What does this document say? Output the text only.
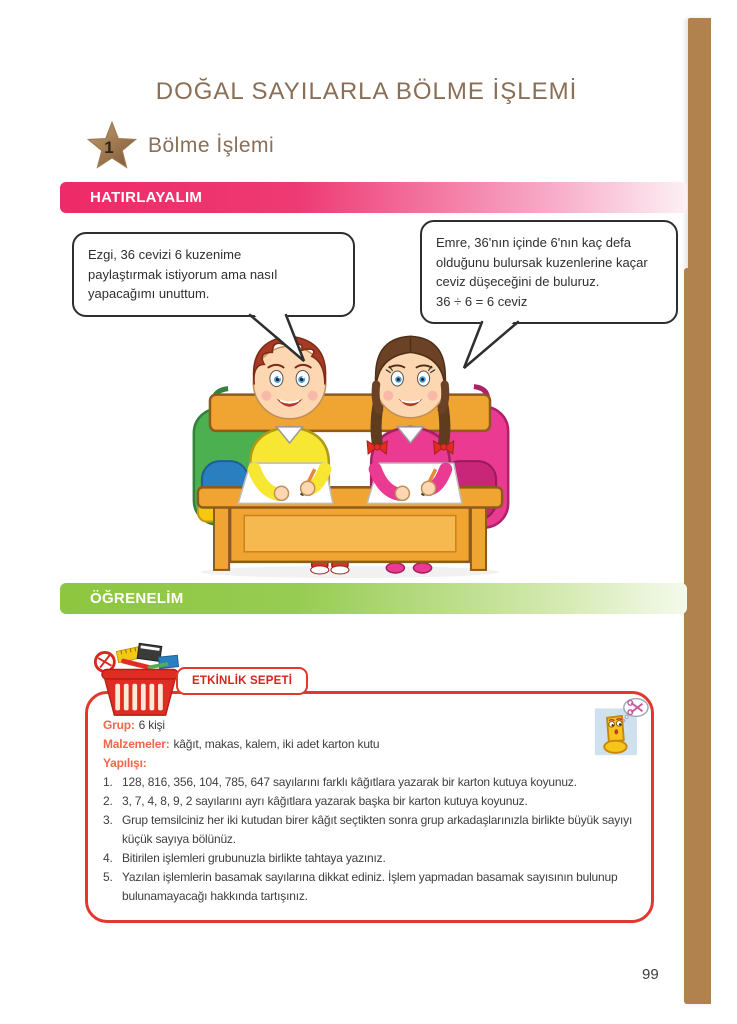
DOĞAL SAYILARLA BÖLME İŞLEMİ
1	Bölme İşlemi
HATIRLAYALIM
Ezgi, 36 cevizi 6 kuzenime
paylaştırmak istiyorum ama nasıl
yapacağımı unuttum.
Emre, 36'nın içinde 6'nın kaç defa
olduğunu bulursak kuzenlerine kaçar
ceviz düşeceğini de buluruz.
36 ÷ 6 = 6 ceviz
ÖĞRENELİM
ETKİNLİK SEPETİ

Grup: 6 kişi

Malzemeler: kâğıt, makas, kalem, iki adet karton kutu

Yapılışı:

1. 128, 816, 356, 104, 785, 647 sayılarını farklı kâğıtlara yazarak bir karton kutuya koyunuz.
2. 3, 7, 4, 8, 9, 2 sayılarını ayrı kâğıtlara yazarak başka bir karton kutuya koyunuz.
3. Grup temsilciniz her iki kutudan birer kâğıt seçtikten sonra grup arkadaşlarınızla birlikte büyük sayıyı küçük sayıya bölünüz.
4. Bitirilen işlemleri grubunuzla birlikte tahtaya yazınız.
5. Yazılan işlemlerin basamak sayılarına dikkat ediniz. İşlem yapmadan basamak sayısının bulunup bulunamayacağı hakkında tartışınız.
99
